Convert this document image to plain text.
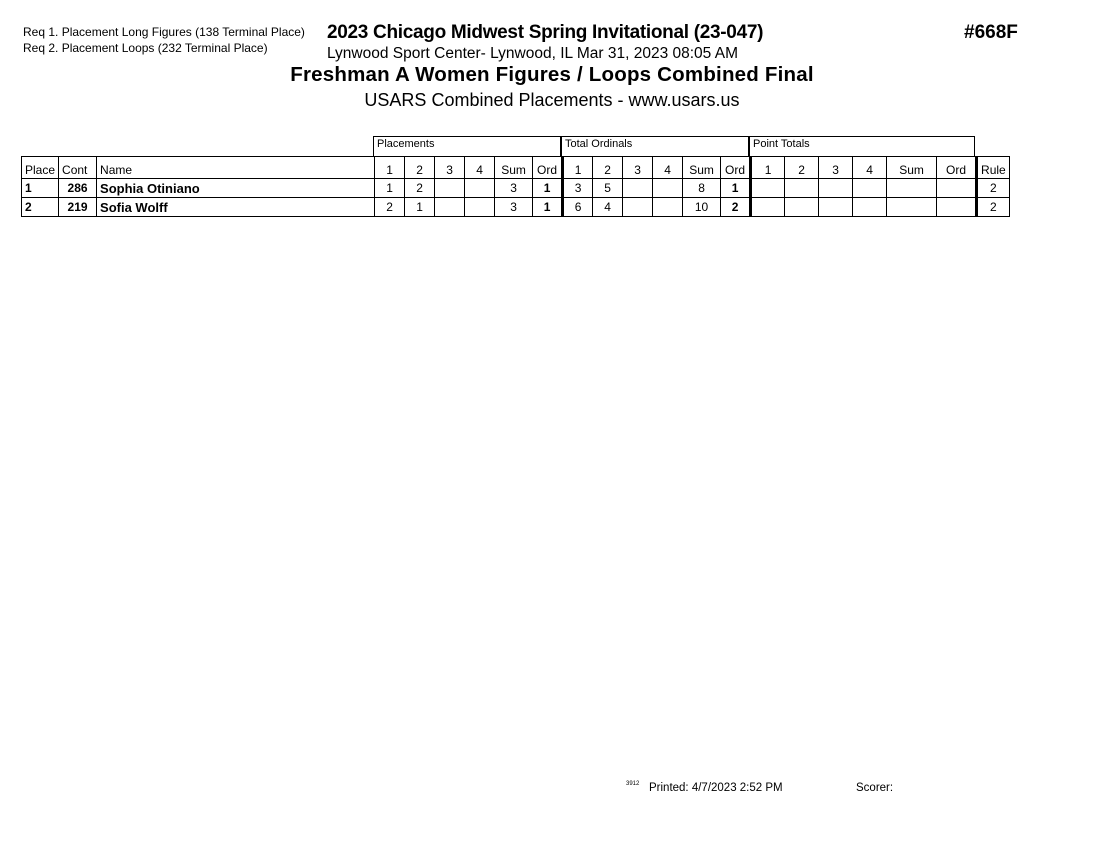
Req 1. Placement Long Figures (138 Terminal Place)
Req 2. Placement Loops (232 Terminal Place)
2023 Chicago Midwest Spring Invitational (23-047)	#668F
Lynwood Sport Center- Lynwood, IL Mar 31, 2023 08:05 AM
Freshman A Women Figures / Loops Combined Final
USARS Combined Placements - www.usars.us
Placements	Total Ordinals	Point Totals
Place	Cont	Name	1	2	3	4	Sum	Ord	1	2	3	4	Sum	Ord	1	2	3	4	Sum	Ord	Rule
1	286	Sophia Otiniano	1	2			3	1	3	5			8	1							2
2	219	Sofia Wolff	2	1			3	1	6	4			10	2							2
3912 Printed: 4/7/2023 2:52 PM	Scorer:
